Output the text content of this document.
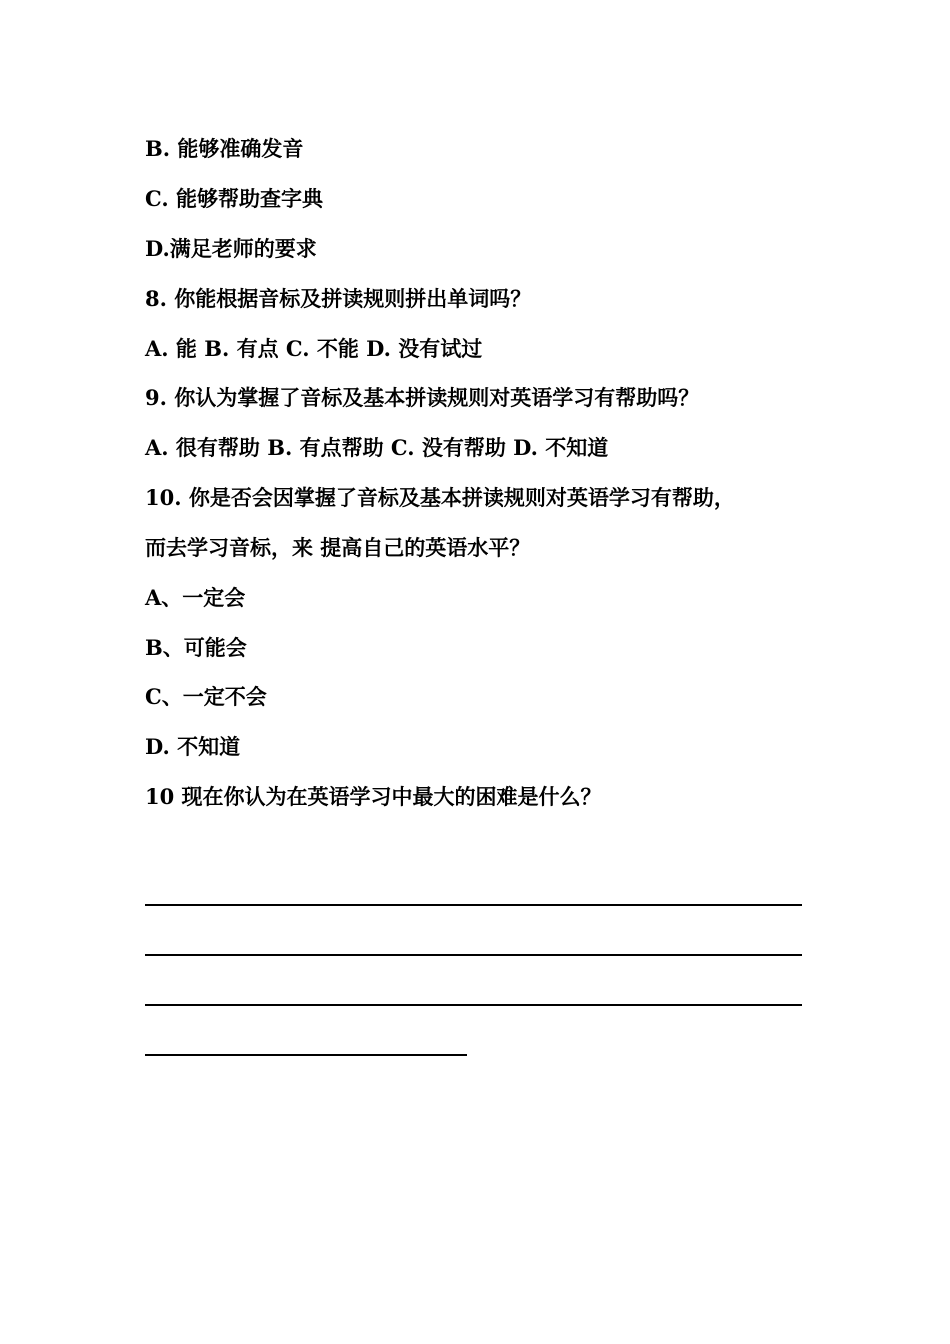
B. 能够准确发音
C. 能够帮助查字典
D.满足老师的要求
8. 你能根据音标及拼读规则拼出单词吗？
A. 能 B. 有点 C. 不能 D. 没有试过
9. 你认为掌握了音标及基本拼读规则对英语学习有帮助吗？
A. 很有帮助 B. 有点帮助 C. 没有帮助 D. 不知道
10. 你是否会因掌握了音标及基本拼读规则对英语学习有帮助，
而去学习音标，来 提高自己的英语水平？
A、一定会
B、可能会
C、一定不会
D. 不知道
10 现在你认为在英语学习中最大的困难是什么？
